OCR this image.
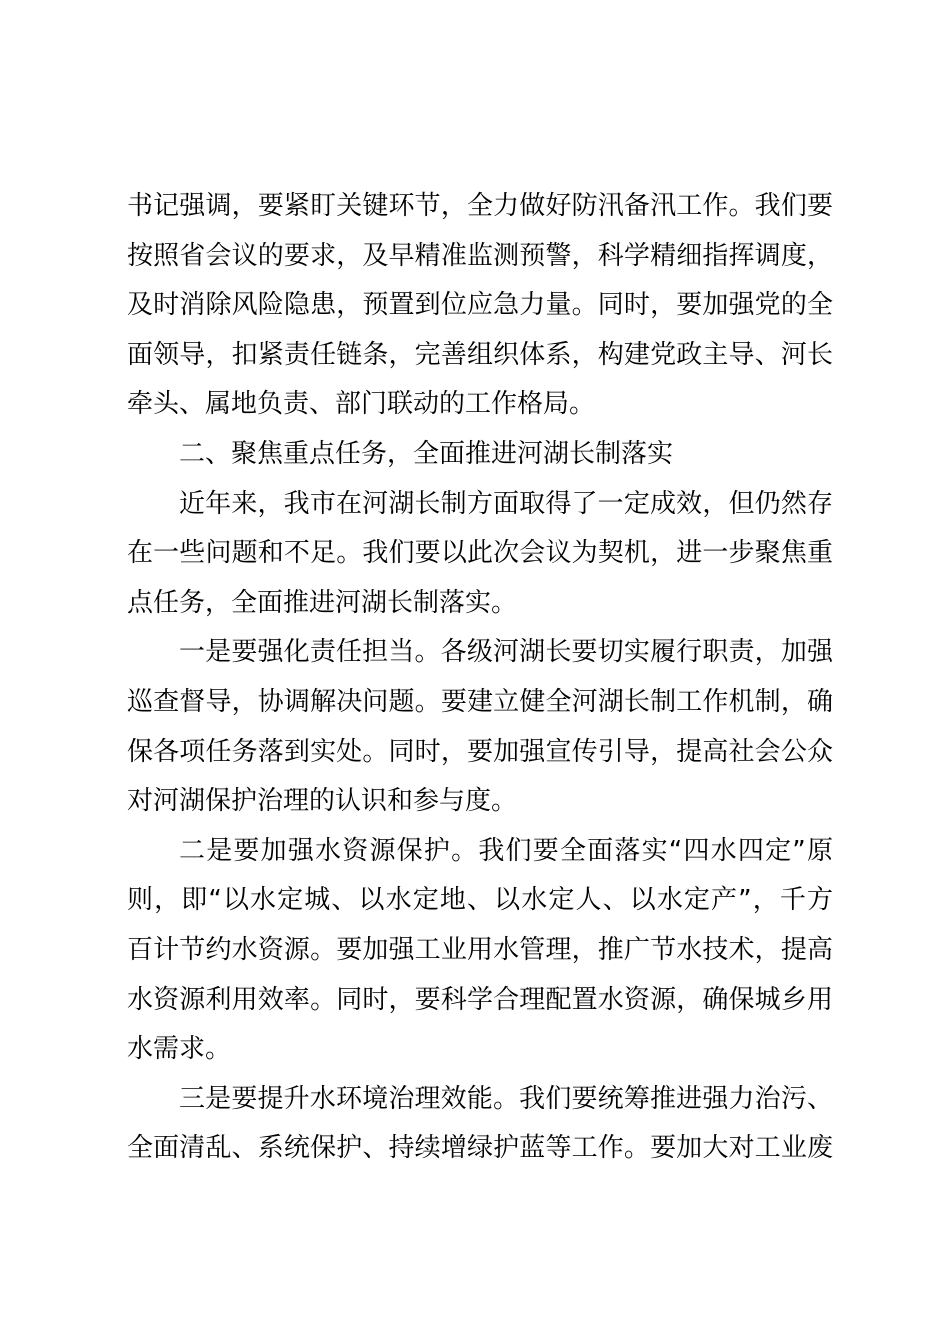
书记强调，要紧盯关键环节，全力做好防汛备汛工作。我们要
按照省会议的要求，及早精准监测预警，科学精细指挥调度，
及时消除风险隐患，预置到位应急力量。同时，要加强党的全
面领导，扣紧责任链条，完善组织体系，构建党政主导、河长
牵头、属地负责、部门联动的工作格局。
二、聚焦重点任务，全面推进河湖长制落实
近年来，我市在河湖长制方面取得了一定成效，但仍然存
在一些问题和不足。我们要以此次会议为契机，进一步聚焦重
点任务，全面推进河湖长制落实。
一是要强化责任担当。各级河湖长要切实履行职责，加强
巡查督导，协调解决问题。要建立健全河湖长制工作机制，确
保各项任务落到实处。同时，要加强宣传引导，提高社会公众
对河湖保护治理的认识和参与度。
二是要加强水资源保护。我们要全面落实“四水四定”原
则，即“以水定城、以水定地、以水定人、以水定产”，千方
百计节约水资源。要加强工业用水管理，推广节水技术，提高
水资源利用效率。同时，要科学合理配置水资源，确保城乡用
水需求。
三是要提升水环境治理效能。我们要统筹推进强力治污、
全面清乱、系统保护、持续增绿护蓝等工作。要加大对工业废
